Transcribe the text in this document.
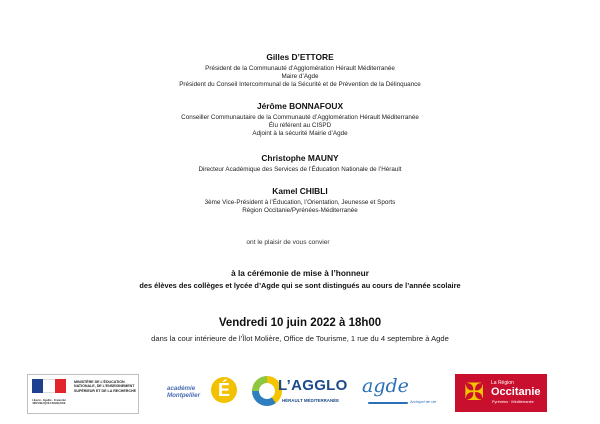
Gilles D’ETTORE
Président de la Communauté d’Agglomération Hérault Méditerranée
Maire d’Agde
Président du Conseil Intercommunal de la Sécurité et de Prévention de la Délinquance
Jérôme BONNAFOUX
Conseiller Communautaire de la Communauté d’Agglomération Hérault Méditerranée
Élu référent au CISPD
Adjoint à la sécurité Mairie d’Agde
Christophe MAUNY
Directeur Académique des Services de l’Éducation Nationale de l’Hérault
Kamel CHIBLI
3ème Vice-Président à l’Éducation, l’Orientation, Jeunesse et Sports
Région Occitanie/Pyrénées-Méditerranée
ont le plaisir de vous convier
à la cérémonie de mise à l’honneur
des élèves des collèges et lycée d’Agde qui se sont distingués au cours de l’année scolaire
Vendredi 10 juin 2022 à 18h00
dans la cour intérieure de l’Îlot Molière, Office de Tourisme, 1 rue du 4 septembre à Agde
Liberté · Égalité · Fraternité RÉPUBLIQUE FRANÇAISE
MINISTÈRE DE L’ÉDUCATION NATIONALE, DE L’ENSEIGNEMENT SUPÉRIEUR ET DE LA RECHERCHE	académie
Montpellier É	L’AGGLO
HÉRAULT MÉDITERRANÉE
agde
Archipel de vie ✠	La Région
Occitanie
Pyrénées · Méditerranée
